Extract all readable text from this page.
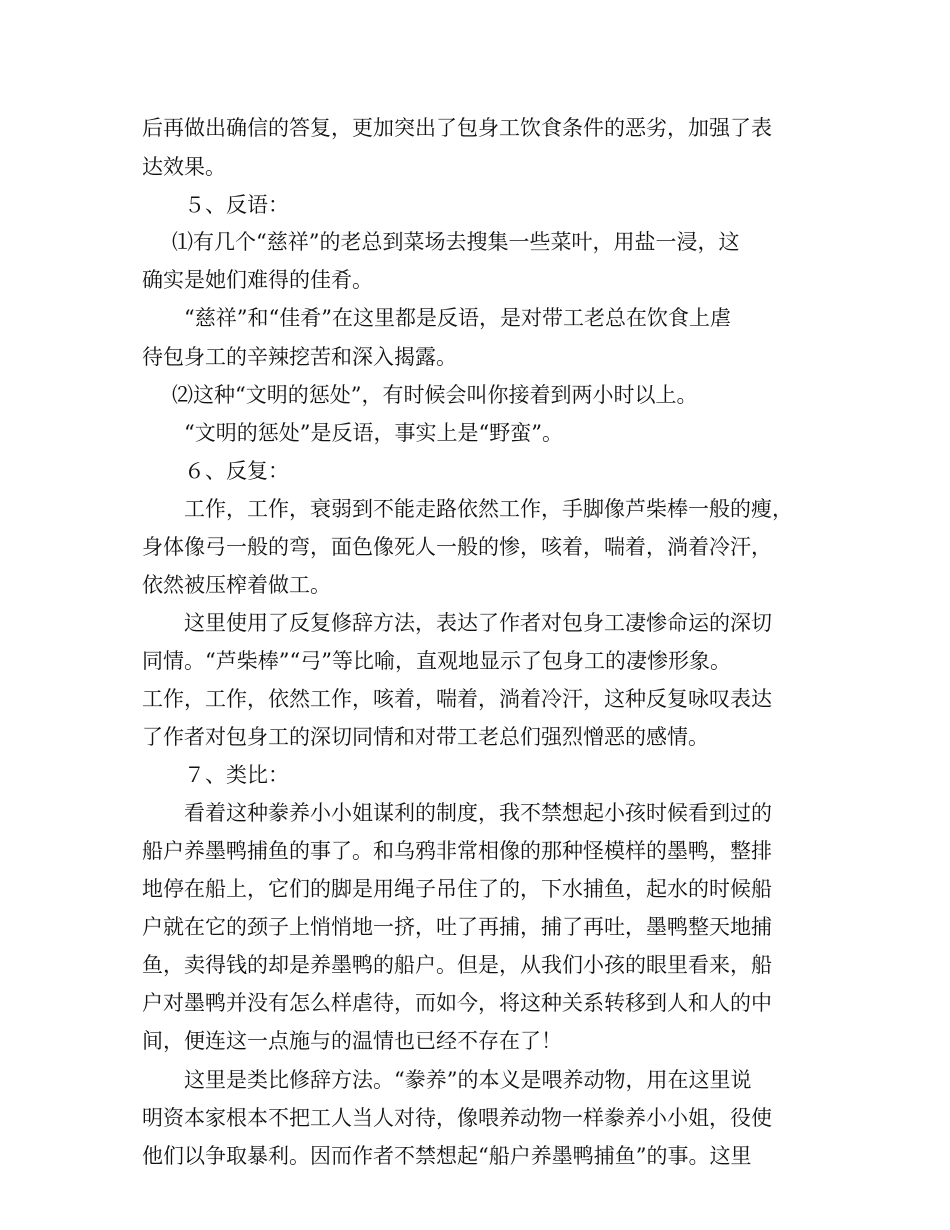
后再做出确信的答复，更加突出了包身工饮食条件的恶劣，加强了表
达效果。
５、反语：
⑴有几个“慈祥”的老总到菜场去搜集一些菜叶，用盐一浸，这
确实是她们难得的佳肴。
“慈祥”和“佳肴”在这里都是反语，是对带工老总在饮食上虐
待包身工的辛辣挖苦和深入揭露。
⑵这种“文明的惩处”，有时候会叫你接着到两小时以上。
“文明的惩处”是反语，事实上是“野蛮”。
６、反复：
工作，工作，衰弱到不能走路依然工作，手脚像芦柴棒一般的瘦，
身体像弓一般的弯，面色像死人一般的惨，咳着，喘着，淌着冷汗，
依然被压榨着做工。
这里使用了反复修辞方法，表达了作者对包身工凄惨命运的深切
同情。“芦柴棒”“弓”等比喻，直观地显示了包身工的凄惨形象。
工作，工作，依然工作，咳着，喘着，淌着冷汗，这种反复咏叹表达
了作者对包身工的深切同情和对带工老总们强烈憎恶的感情。
７、类比：
看着这种豢养小小姐谋利的制度，我不禁想起小孩时候看到过的
船户养墨鸭捕鱼的事了。和乌鸦非常相像的那种怪模样的墨鸭，整排
地停在船上，它们的脚是用绳子吊住了的，下水捕鱼，起水的时候船
户就在它的颈子上悄悄地一挤，吐了再捕，捕了再吐，墨鸭整天地捕
鱼，卖得钱的却是养墨鸭的船户。但是，从我们小孩的眼里看来，船
户对墨鸭并没有怎么样虐待，而如今，将这种关系转移到人和人的中
间，便连这一点施与的温情也已经不存在了！
这里是类比修辞方法。“豢养”的本义是喂养动物，用在这里说
明资本家根本不把工人当人对待，像喂养动物一样豢养小小姐，役使
他们以争取暴利。因而作者不禁想起“船户养墨鸭捕鱼”的事。这里
